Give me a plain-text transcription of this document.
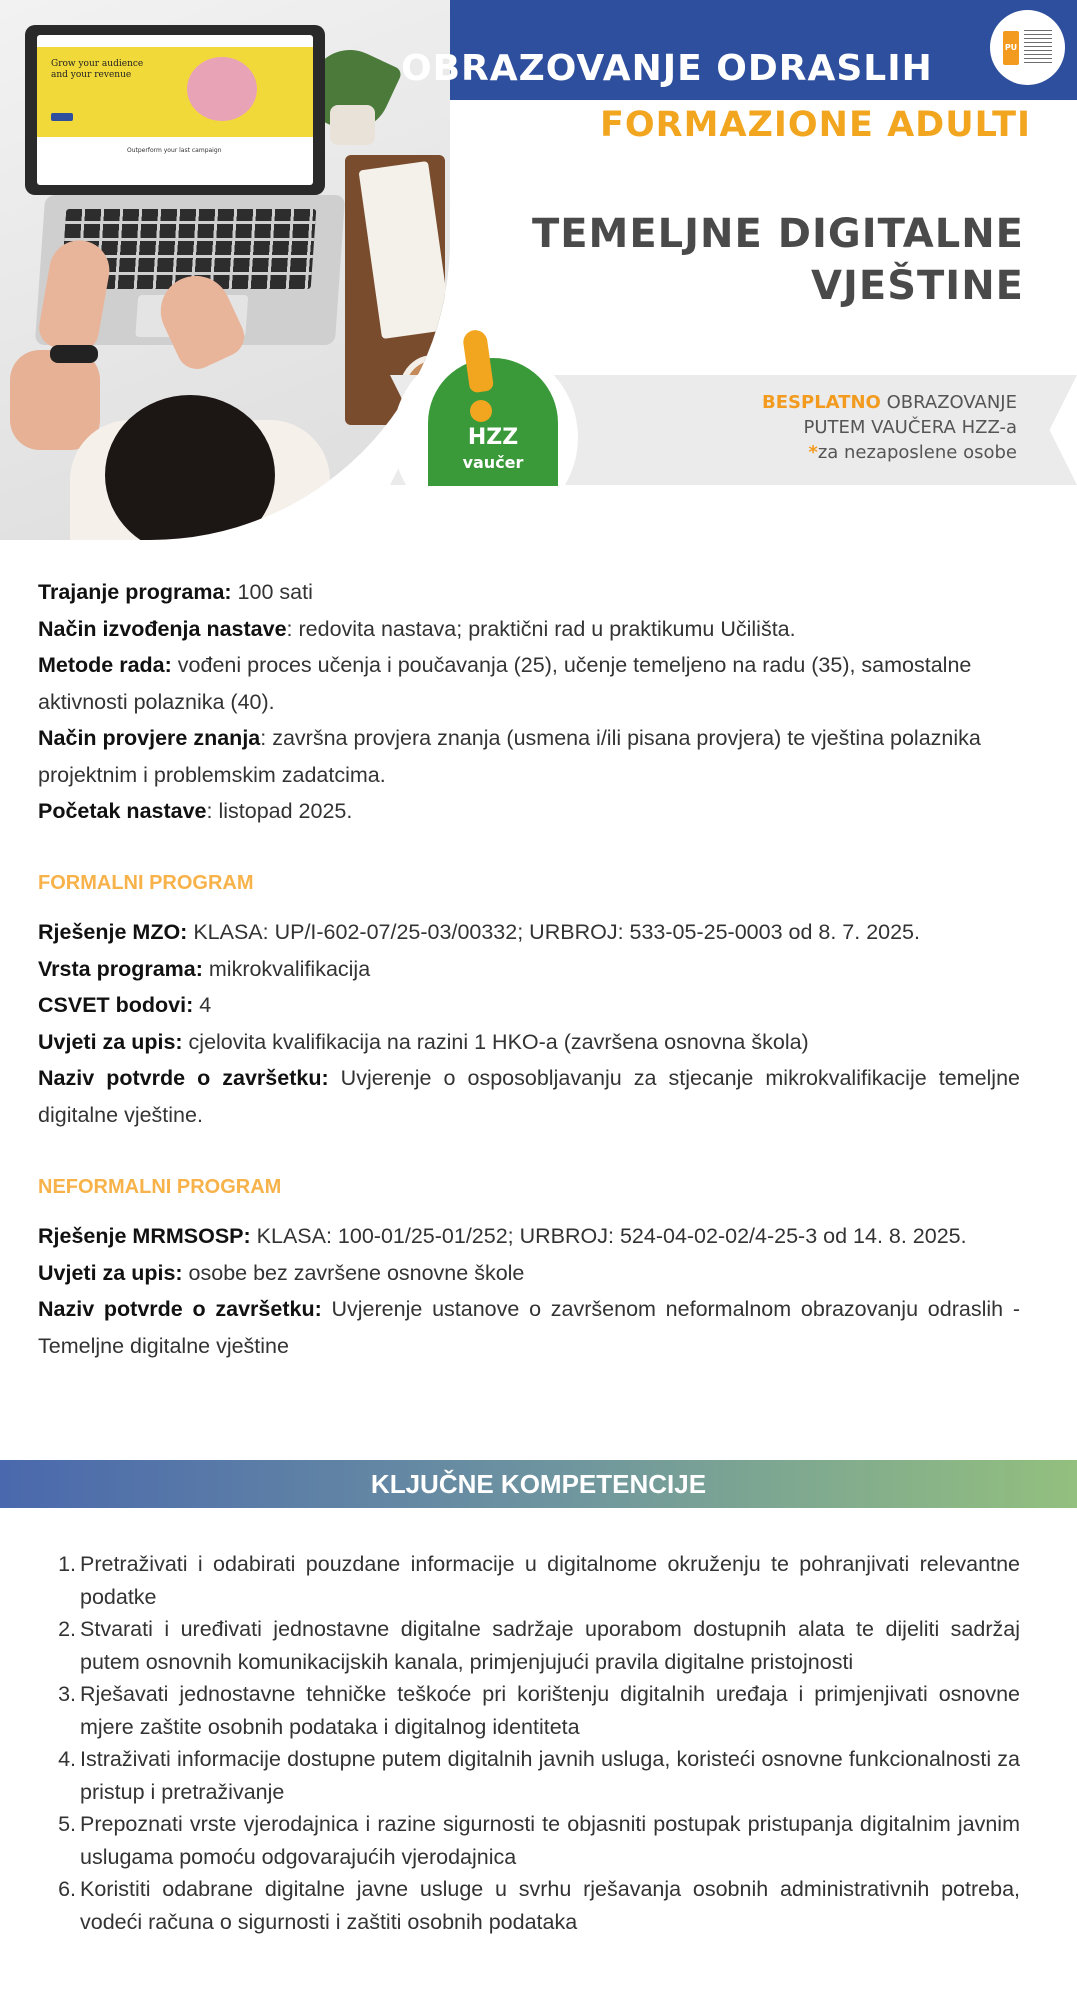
Grow your audience and your revenue
Outperform your last campaign
OBRAZOVANJE ODRASLIH
FORMAZIONE ADULTI
PU
TEMELJNE DIGITALNE
VJEŠTINE
BESPLATNO OBRAZOVANJE
PUTEM VAUČERA HZZ-a
*za nezaposlene osobe
HZZ
vaučer

Trajanje programa: 100 sati

Način izvođenja nastave: redovita nastava; praktični rad u praktikumu Učilišta.

Metode rada: vođeni proces učenja i poučavanja (25), učenje temeljeno na radu (35), samostalne aktivnosti polaznika (40).

Način provjere znanja: završna provjera znanja (usmena i/ili pisana provjera) te vještina polaznika projektnim i problemskim zadatcima.

Početak nastave: listopad 2025.

FORMALNI PROGRAM

Rješenje MZO: KLASA: UP/I-602-07/25-03/00332; URBROJ: 533-05-25-0003 od 8. 7. 2025.

Vrsta programa: mikrokvalifikacija

CSVET bodovi: 4

Uvjeti za upis: cjelovita kvalifikacija na razini 1 HKO-a (završena osnovna škola)

Naziv potvrde o završetku: Uvjerenje o osposobljavanju za stjecanje mikrokvalifikacije temeljne digitalne vještine.

NEFORMALNI PROGRAM

Rješenje MRMSOSP: KLASA: 100-01/25-01/252; URBROJ: 524-04-02-02/4-25-3 od 14. 8. 2025.

Uvjeti za upis: osobe bez završene osnovne škole

Naziv potvrde o završetku: Uvjerenje ustanove o završenom neformalnom obrazovanju odraslih - Temeljne digitalne vještine

KLJUČNE KOMPETENCIJE
1. Pretraživati i odabirati pouzdane informacije u digitalnome okruženju te pohranjivati relevantne podatke
2. Stvarati i uređivati jednostavne digitalne sadržaje uporabom dostupnih alata te dijeliti sadržaj putem osnovnih komunikacijskih kanala, primjenjujući pravila digitalne pristojnosti
3. Rješavati jednostavne tehničke teškoće pri korištenju digitalnih uređaja i primjenjivati osnovne mjere zaštite osobnih podataka i digitalnog identiteta
4. Istraživati informacije dostupne putem digitalnih javnih usluga, koristeći osnovne funkcionalnosti za pristup i pretraživanje
5. Prepoznati vrste vjerodajnica i razine sigurnosti te objasniti postupak pristupanja digitalnim javnim uslugama pomoću odgovarajućih vjerodajnica
6. Koristiti odabrane digitalne javne usluge u svrhu rješavanja osobnih administrativnih potreba, vodeći računa o sigurnosti i zaštiti osobnih podataka
